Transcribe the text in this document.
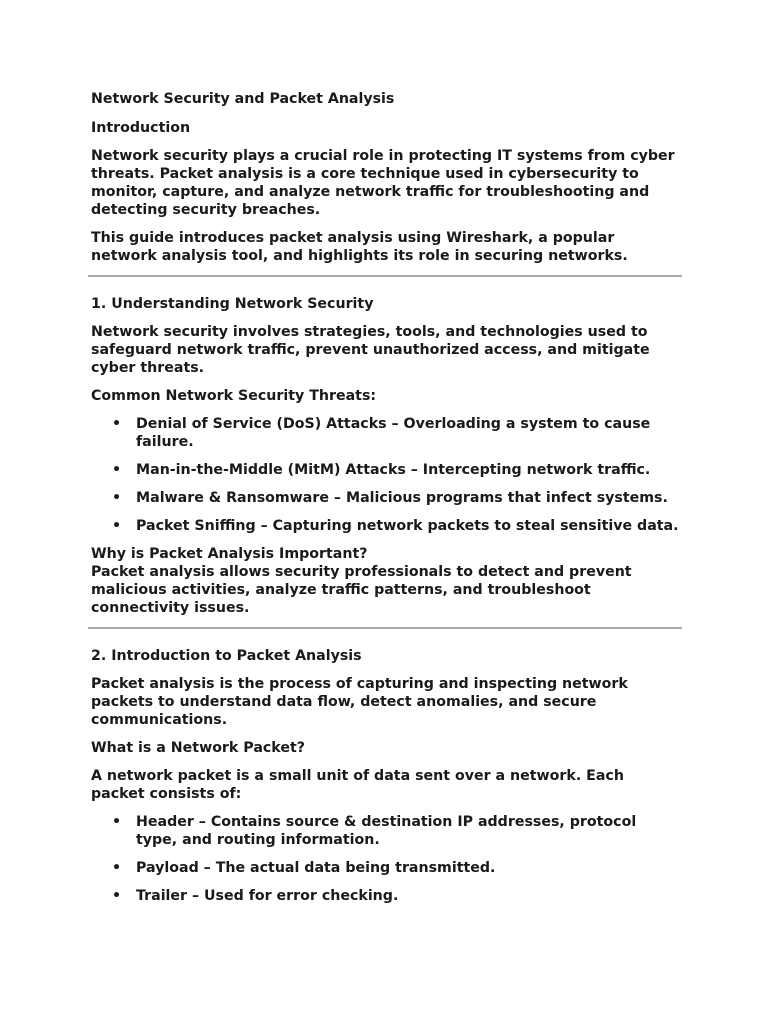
Network Security and Packet Analysis

Introduction

Network security plays a crucial role in protecting IT systems from cyber threats. Packet analysis is a core technique used in cybersecurity to monitor, capture, and analyze network traffic for troubleshooting and detecting security breaches.

This guide introduces packet analysis using Wireshark, a popular network analysis tool, and highlights its role in securing networks.

1. Understanding Network Security

Network security involves strategies, tools, and technologies used to safeguard network traffic, prevent unauthorized access, and mitigate cyber threats.

Common Network Security Threats:

• Denial of Service (DoS) Attacks – Overloading a system to cause failure.
• Man-in-the-Middle (MitM) Attacks – Intercepting network traffic.
• Malware & Ransomware – Malicious programs that infect systems.
• Packet Sniffing – Capturing network packets to steal sensitive data.
Why is Packet Analysis Important?
Packet analysis allows security professionals to detect and prevent malicious activities, analyze traffic patterns, and troubleshoot connectivity issues.

2. Introduction to Packet Analysis

Packet analysis is the process of capturing and inspecting network packets to understand data flow, detect anomalies, and secure communications.

What is a Network Packet?

A network packet is a small unit of data sent over a network. Each packet consists of:

• Header – Contains source & destination IP addresses, protocol type, and routing information.
• Payload – The actual data being transmitted.
• Trailer – Used for error checking.
